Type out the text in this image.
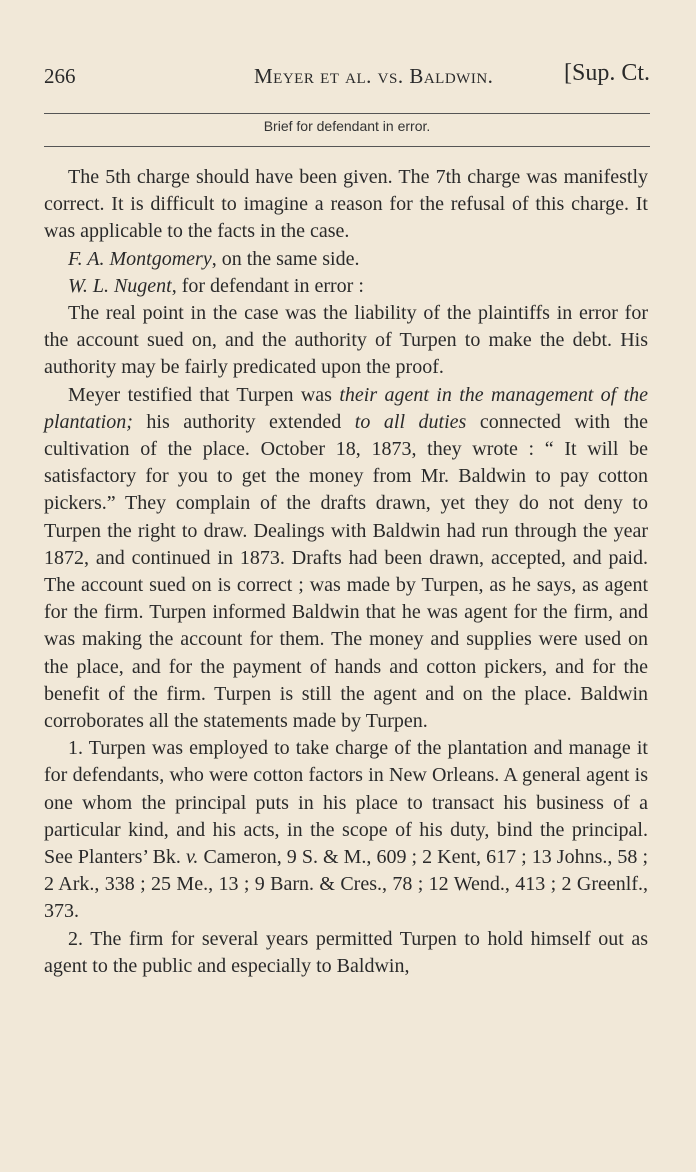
266	Meyer et al. vs. Baldwin.	[Sup. Ct.
Brief for defendant in error.

The 5th charge should have been given. The 7th charge was manifestly correct. It is difficult to imagine a reason for the refusal of this charge. It was applicable to the facts in the case.

F. A. Montgomery, on the same side.

W. L. Nugent, for defendant in error :

The real point in the case was the liability of the plaintiffs in error for the account sued on, and the authority of Turpen to make the debt. His authority may be fairly predicated upon the proof.

Meyer testified that Turpen was their agent in the management of the plantation; his authority extended to all duties connected with the cultivation of the place. October 18, 1873, they wrote : “ It will be satisfactory for you to get the money from Mr. Baldwin to pay cotton pickers.” They complain of the drafts drawn, yet they do not deny to Turpen the right to draw. Dealings with Baldwin had run through the year 1872, and continued in 1873. Drafts had been drawn, accepted, and paid. The account sued on is correct ; was made by Turpen, as he says, as agent for the firm. Turpen informed Baldwin that he was agent for the firm, and was making the account for them. The money and supplies were used on the place, and for the payment of hands and cotton pickers, and for the benefit of the firm. Turpen is still the agent and on the place. Baldwin corroborates all the statements made by Turpen.

1. Turpen was employed to take charge of the plantation and manage it for defendants, who were cotton factors in New Orleans. A general agent is one whom the principal puts in his place to transact his business of a particular kind, and his acts, in the scope of his duty, bind the principal. See Planters’ Bk. v. Cameron, 9 S. & M., 609 ; 2 Kent, 617 ; 13 Johns., 58 ; 2 Ark., 338 ; 25 Me., 13 ; 9 Barn. & Cres., 78 ; 12 Wend., 413 ; 2 Greenlf., 373.

2. The firm for several years permitted Turpen to hold himself out as agent to the public and especially to Baldwin,
